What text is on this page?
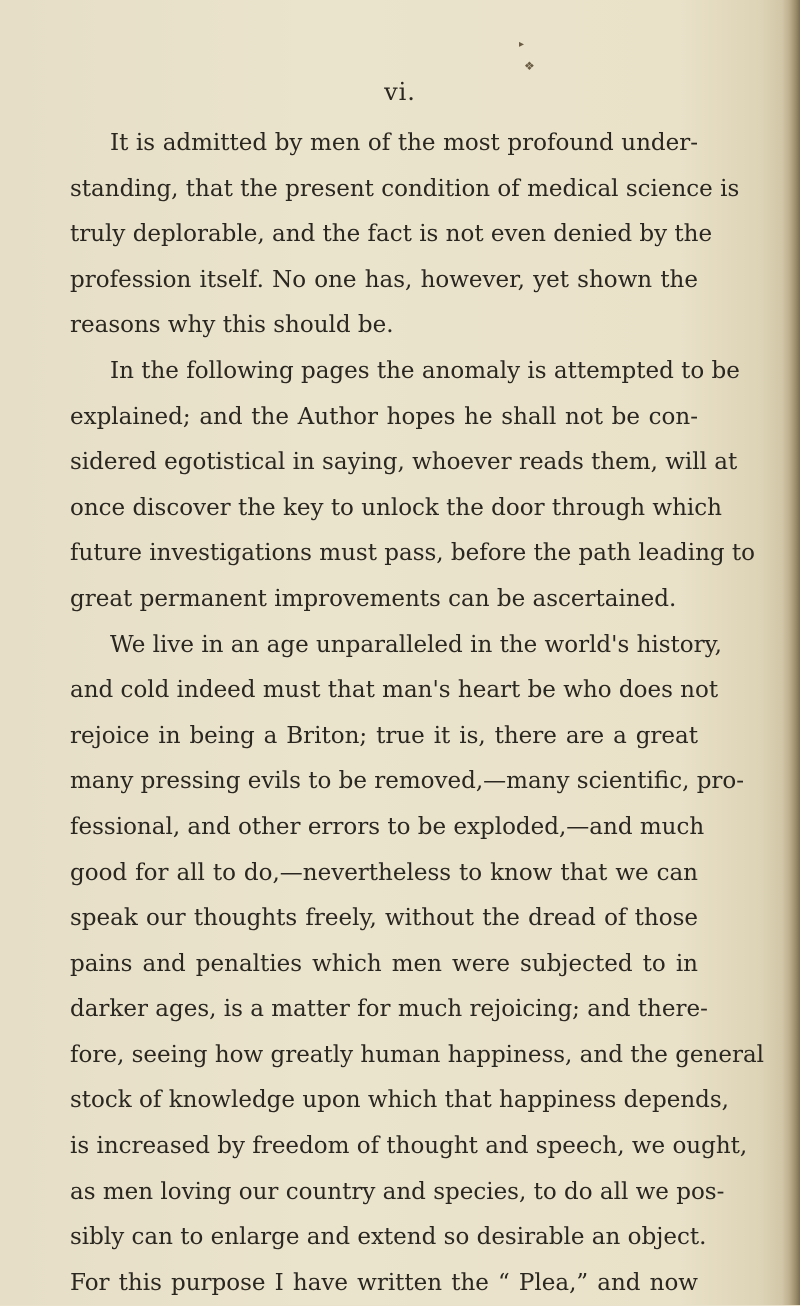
▸
❖
vi.
It is admitted by men of the most profound under-
standing, that the present condition of medical science is
truly deplorable, and the fact is not even denied by the
profession itself. No one has, however, yet shown the
reasons why this should be.
In the following pages the anomaly is attempted to be
explained; and the Author hopes he shall not be con-
sidered egotistical in saying, whoever reads them, will at
once discover the key to unlock the door through which
future investigations must pass, before the path leading to
great permanent improvements can be ascertained.
We live in an age unparalleled in the world's history,
and cold indeed must that man's heart be who does not
rejoice in being a Briton; true it is, there are a great
many pressing evils to be removed,—many scientific, pro-
fessional, and other errors to be exploded,—and much
good for all to do,—nevertheless to know that we can
speak our thoughts freely, without the dread of those
pains and penalties which men were subjected to in
darker ages, is a matter for much rejoicing; and there-
fore, seeing how greatly human happiness, and the general
stock of knowledge upon which that happiness depends,
is increased by freedom of thought and speech, we ought,
as men loving our country and species, to do all we pos-
sibly can to enlarge and extend so desirable an object.
For this purpose I have written the “ Plea,” and now
